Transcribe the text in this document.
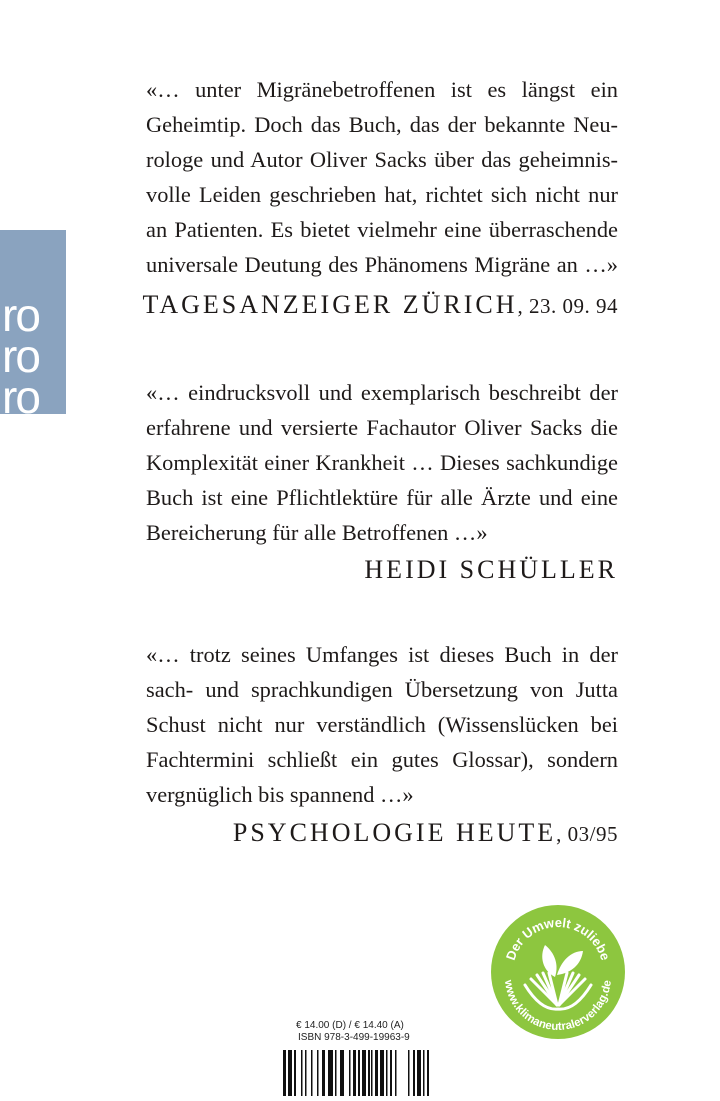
ro
ro
ro
«… unter Migränebetroffenen ist es längst ein
Geheimtip. Doch das Buch, das der bekannte Neu-
rologe und Autor Oliver Sacks über das geheimnis-
volle Leiden geschrieben hat, richtet sich nicht nur
an Patienten. Es bietet vielmehr eine überraschende
universale Deutung des Phänomens Migräne an …»
TAGESANZEIGER ZÜRICH, 23. 09. 94
«… eindrucksvoll und exemplarisch beschreibt der
erfahrene und versierte Fachautor Oliver Sacks die
Komplexität einer Krankheit … Dieses sachkundige
Buch ist eine Pflichtlektüre für alle Ärzte und eine
Bereicherung für alle Betroffenen …»
HEIDI SCHÜLLER
«… trotz seines Umfanges ist dieses Buch in der
sach- und sprachkundigen Übersetzung von Jutta
Schust nicht nur verständlich (Wissenslücken bei
Fachtermini schließt ein gutes Glossar), sondern
vergnüglich bis spannend …»
PSYCHOLOGIE HEUTE, 03/95
Der Umwelt zuliebe
www.klimaneutralerverlag.de
€ 14.00 (D) / € 14.40 (A)
ISBN 978-3-499-19963-9
